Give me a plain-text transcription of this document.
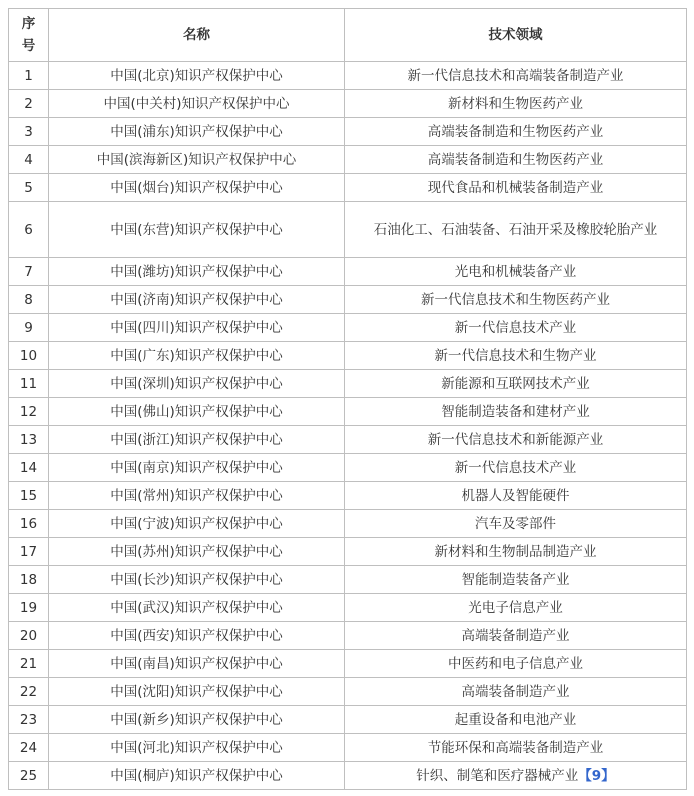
序
号	名称	技术领域
1	中国(北京)知识产权保护中心	新一代信息技术和高端装备制造产业
2	中国(中关村)知识产权保护中心	新材料和生物医药产业
3	中国(浦东)知识产权保护中心	高端装备制造和生物医药产业
4	中国(滨海新区)知识产权保护中心	高端装备制造和生物医药产业
5	中国(烟台)知识产权保护中心	现代食品和机械装备制造产业
6	中国(东营)知识产权保护中心	石油化工、石油装备、石油开采及橡胶轮胎产业
7	中国(潍坊)知识产权保护中心	光电和机械装备产业
8	中国(济南)知识产权保护中心	新一代信息技术和生物医药产业
9	中国(四川)知识产权保护中心	新一代信息技术产业
10	中国(广东)知识产权保护中心	新一代信息技术和生物产业
11	中国(深圳)知识产权保护中心	新能源和互联网技术产业
12	中国(佛山)知识产权保护中心	智能制造装备和建材产业
13	中国(浙江)知识产权保护中心	新一代信息技术和新能源产业
14	中国(南京)知识产权保护中心	新一代信息技术产业
15	中国(常州)知识产权保护中心	机器人及智能硬件
16	中国(宁波)知识产权保护中心	汽车及零部件
17	中国(苏州)知识产权保护中心	新材料和生物制品制造产业
18	中国(长沙)知识产权保护中心	智能制造装备产业
19	中国(武汉)知识产权保护中心	光电子信息产业
20	中国(西安)知识产权保护中心	高端装备制造产业
21	中国(南昌)知识产权保护中心	中医药和电子信息产业
22	中国(沈阳)知识产权保护中心	高端装备制造产业
23	中国(新乡)知识产权保护中心	起重设备和电池产业
24	中国(河北)知识产权保护中心	节能环保和高端装备制造产业
25	中国(桐庐)知识产权保护中心	针织、制笔和医疗器械产业【9】
